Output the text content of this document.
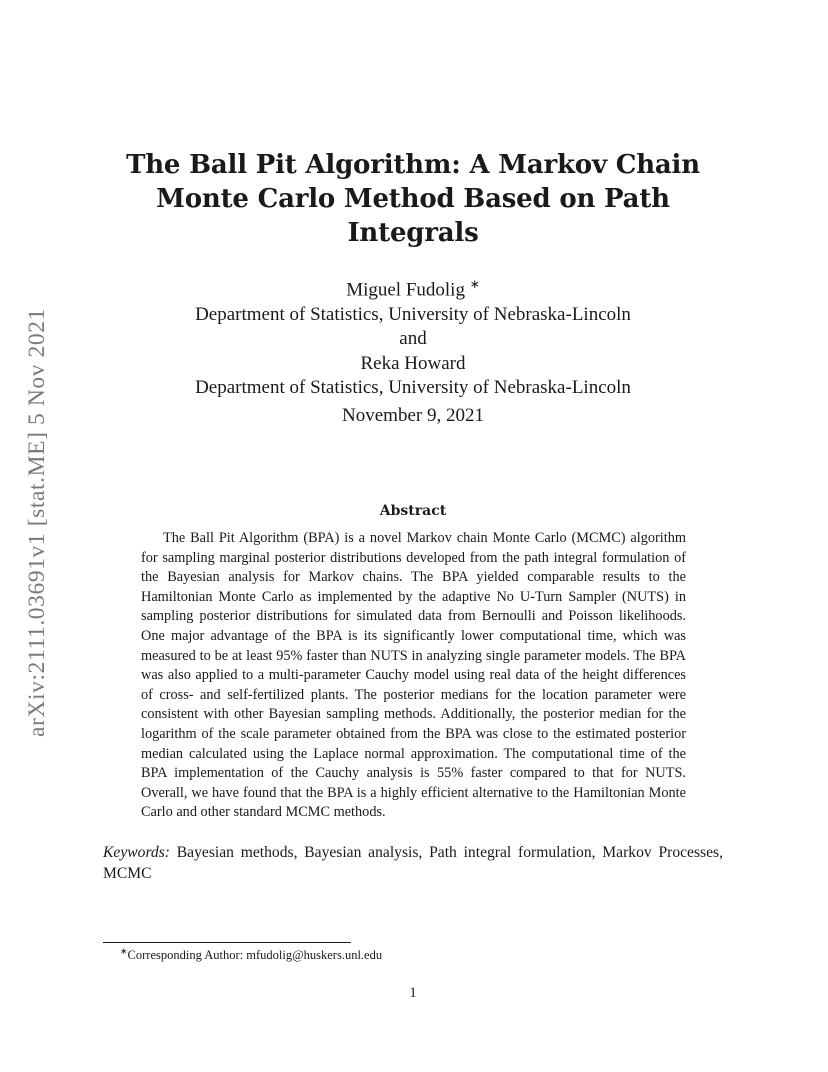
arXiv:2111.03691v1 [stat.ME] 5 Nov 2021
The Ball Pit Algorithm: A Markov Chain
Monte Carlo Method Based on Path
Integrals
Miguel Fudolig ∗
Department of Statistics, University of Nebraska-Lincoln
and
Reka Howard
Department of Statistics, University of Nebraska-Lincoln
November 9, 2021
Abstract

The Ball Pit Algorithm (BPA) is a novel Markov chain Monte Carlo (MCMC) algorithm for sampling marginal posterior distributions developed from the path integral formulation of the Bayesian analysis for Markov chains. The BPA yielded comparable results to the Hamiltonian Monte Carlo as implemented by the adaptive No U-Turn Sampler (NUTS) in sampling posterior distributions for simulated data from Bernoulli and Poisson likelihoods. One major advantage of the BPA is its significantly lower computational time, which was measured to be at least 95% faster than NUTS in analyzing single parameter models. The BPA was also applied to a multi-parameter Cauchy model using real data of the height differences of cross- and self-fertilized plants. The posterior medians for the location parameter were consistent with other Bayesian sampling methods. Additionally, the posterior median for the logarithm of the scale parameter obtained from the BPA was close to the estimated posterior median calculated using the Laplace normal approximation. The computational time of the BPA implementation of the Cauchy analysis is 55% faster compared to that for NUTS. Overall, we have found that the BPA is a highly efficient alternative to the Hamiltonian Monte Carlo and other standard MCMC methods.

Keywords: Bayesian methods, Bayesian analysis, Path integral formulation, Markov Processes, MCMC

∗Corresponding Author: mfudolig@huskers.unl.edu
1
